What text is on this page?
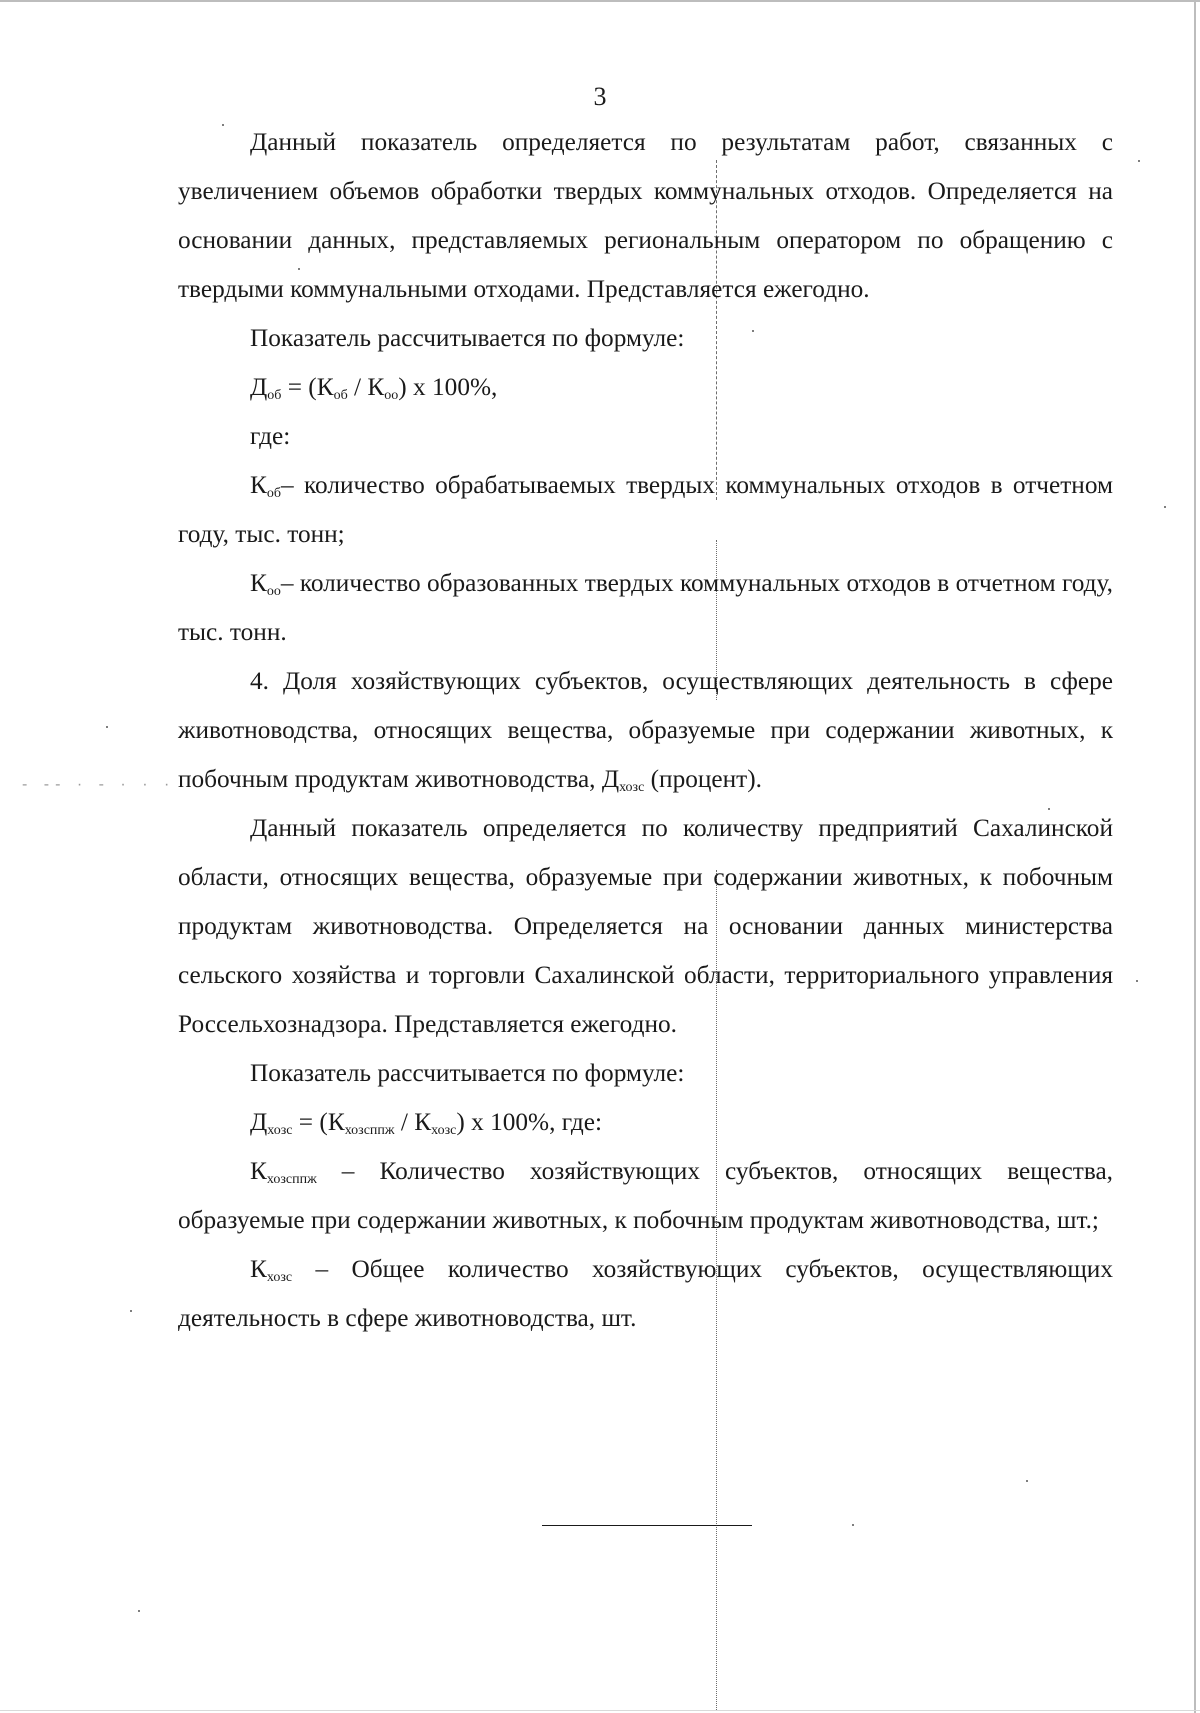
- -- · - · · ·
3

Данный показатель определяется по результатам работ, связанных с увеличением объемов обработки твердых коммунальных отходов. Определяется на основании данных, представляемых региональным оператором по обращению с твердыми коммунальными отходами. Представляется ежегодно.

Показатель рассчитывается по формуле:

$Д_{об} = (К_{об} / К_{оо})$ х 100%,

где:

$К_{об}-$ количество обрабатываемых твердых коммунальных отходов в отчетном году, тыс. тонн;

$К_{оо}-$ количество образованных твердых коммунальных отходов в отчетном году, тыс. тонн.

4. Доля хозяйствующих субъектов, осуществляющих деятельность в сфере животноводства, относящих вещества, образуемые при содержании животных, к побочным продуктам животноводства, $Д_{хозс}$ (процент).

Данный показатель определяется по количеству предприятий Сахалинской области, относящих вещества, образуемые при содержании животных, к побочным продуктам животноводства. Определяется на основании данных министерства сельского хозяйства и торговли Сахалинской области, территориального управления Россельхознадзора. Представляется ежегодно.

Показатель рассчитывается по формуле:

$Д_{хозс} = (К_{хозсппж} / К_{хозс})$ х 100%, где:

$К_{хозсппж}$ – Количество хозяйствующих субъектов, относящих вещества, образуемые при содержании животных, к побочным продуктам животноводства, шт.;

$К_{хозс}$ – Общее количество хозяйствующих субъектов, осуществляющих деятельность в сфере животноводства, шт.
